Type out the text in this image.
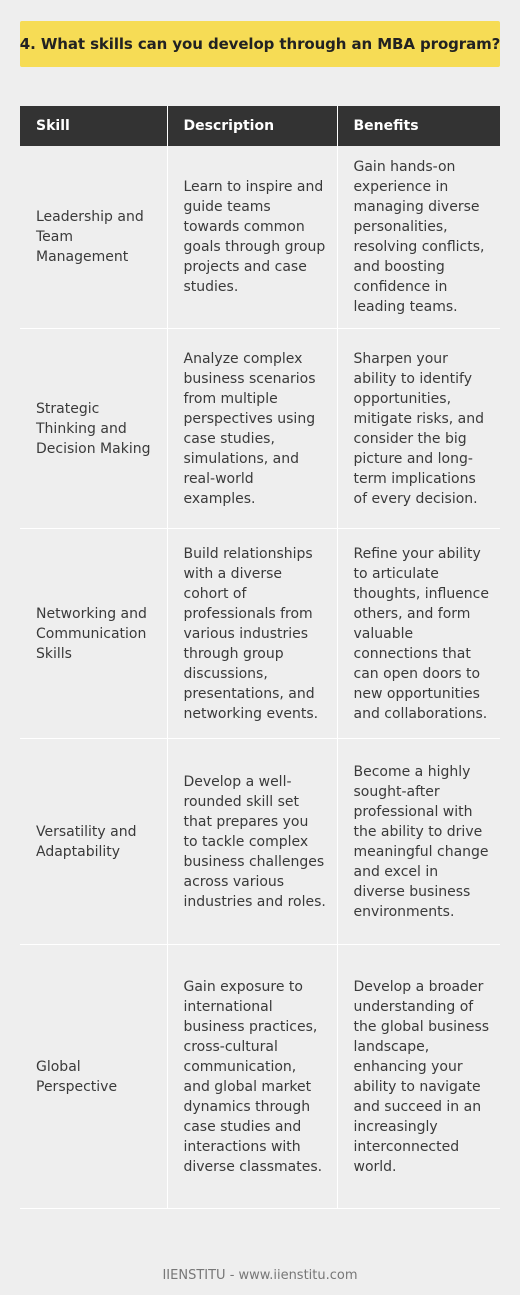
4. What skills can you develop through an MBA program?
Skill	Description	Benefits
Leadership and Team Management	Learn to inspire and guide teams towards common goals through group projects and case studies.	Gain hands-on experience in managing diverse personalities, resolving conflicts, and boosting confidence in leading teams.
Strategic Thinking and Decision Making	Analyze complex business scenarios from multiple perspectives using case studies, simulations, and real-world examples.	Sharpen your ability to identify opportunities, mitigate risks, and consider the big picture and long-term implications of every decision.
Networking and Communication Skills	Build relationships with a diverse cohort of professionals from various industries through group discussions, presentations, and networking events.	Refine your ability to articulate thoughts, influence others, and form valuable connections that can open doors to new opportunities and collaborations.
Versatility and Adaptability	Develop a well-rounded skill set that prepares you to tackle complex business challenges across various industries and roles.	Become a highly sought-after professional with the ability to drive meaningful change and excel in diverse business environments.
Global Perspective	Gain exposure to international business practices, cross-cultural communication, and global market dynamics through case studies and interactions with diverse classmates.	Develop a broader understanding of the global business landscape, enhancing your ability to navigate and succeed in an increasingly interconnected world.
IIENSTITU - www.iienstitu.com
